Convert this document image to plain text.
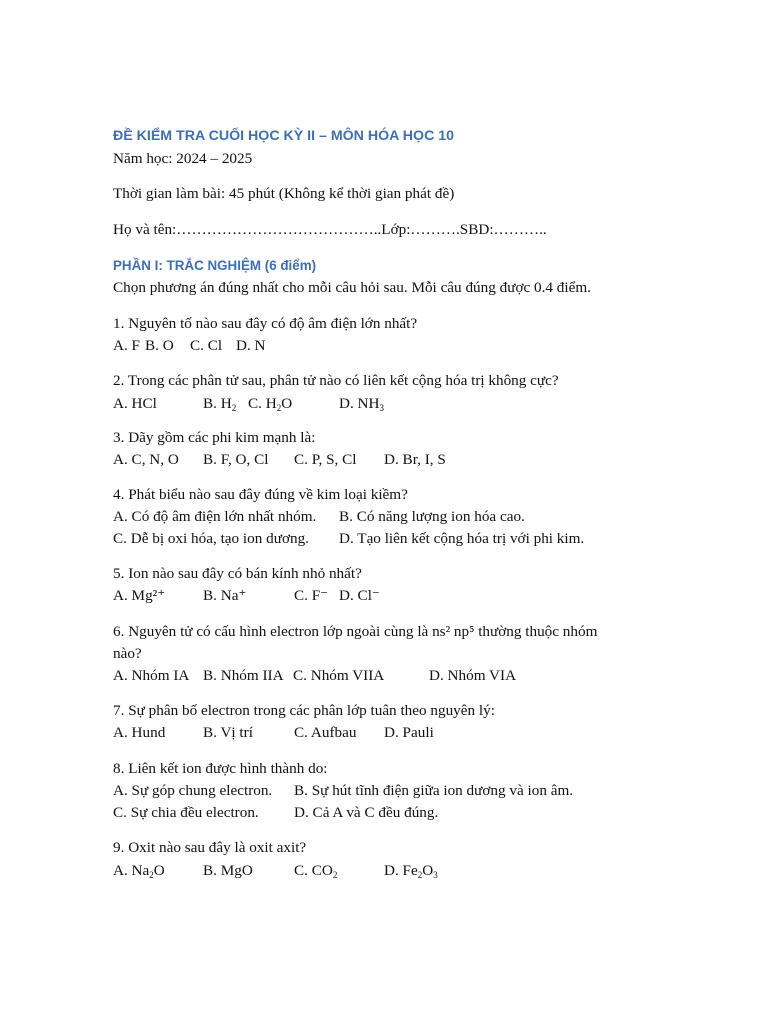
ĐỀ KIỂM TRA CUỐI HỌC KỲ II – MÔN HÓA HỌC 10
Năm học: 2024 – 2025
Thời gian làm bài: 45 phút (Không kể thời gian phát đề)
Họ và tên:…………………………………..Lớp:……….SBD:………..
PHẦN I: TRẮC NGHIỆM (6 điểm)
Chọn phương án đúng nhất cho mỗi câu hỏi sau. Mỗi câu đúng được 0.4 điểm.
1. Nguyên tố nào sau đây có độ âm điện lớn nhất?
A. F B. O C. Cl D. N
2. Trong các phân tử sau, phân tử nào có liên kết cộng hóa trị không cực?
A. HCl	B. $H_2$ C. $H_2O$	D. $NH_3$
3. Dãy gồm các phi kim mạnh là:
A. C, N, O B. F, O, Cl C. P, S, Cl D. Br, I, S
4. Phát biểu nào sau đây đúng về kim loại kiềm?
A. Có độ âm điện lớn nhất nhóm. B. Có năng lượng ion hóa cao.
C. Dễ bị oxi hóa, tạo ion dương. D. Tạo liên kết cộng hóa trị với phi kim.
5. Ion nào sau đây có bán kính nhỏ nhất?
A. Mg²⁺ B. Na⁺	C. F⁻ D. Cl⁻
6. Nguyên tử có cấu hình electron lớp ngoài cùng là ns² np⁵ thường thuộc nhóm
nào?
A. Nhóm IA B. Nhóm IIA C. Nhóm VIIA	D. Nhóm VIA
7. Sự phân bố electron trong các phân lớp tuân theo nguyên lý:
A. Hund B. Vị trí	C. Aufbau D. Pauli
8. Liên kết ion được hình thành do:
A. Sự góp chung electron. B. Sự hút tĩnh điện giữa ion dương và ion âm.
C. Sự chia đều electron. D. Cả A và C đều đúng.
9. Oxit nào sau đây là oxit axit?
A. $Na_2O$	B. MgO	C. $CO_2$	D. $Fe_2O_3$
